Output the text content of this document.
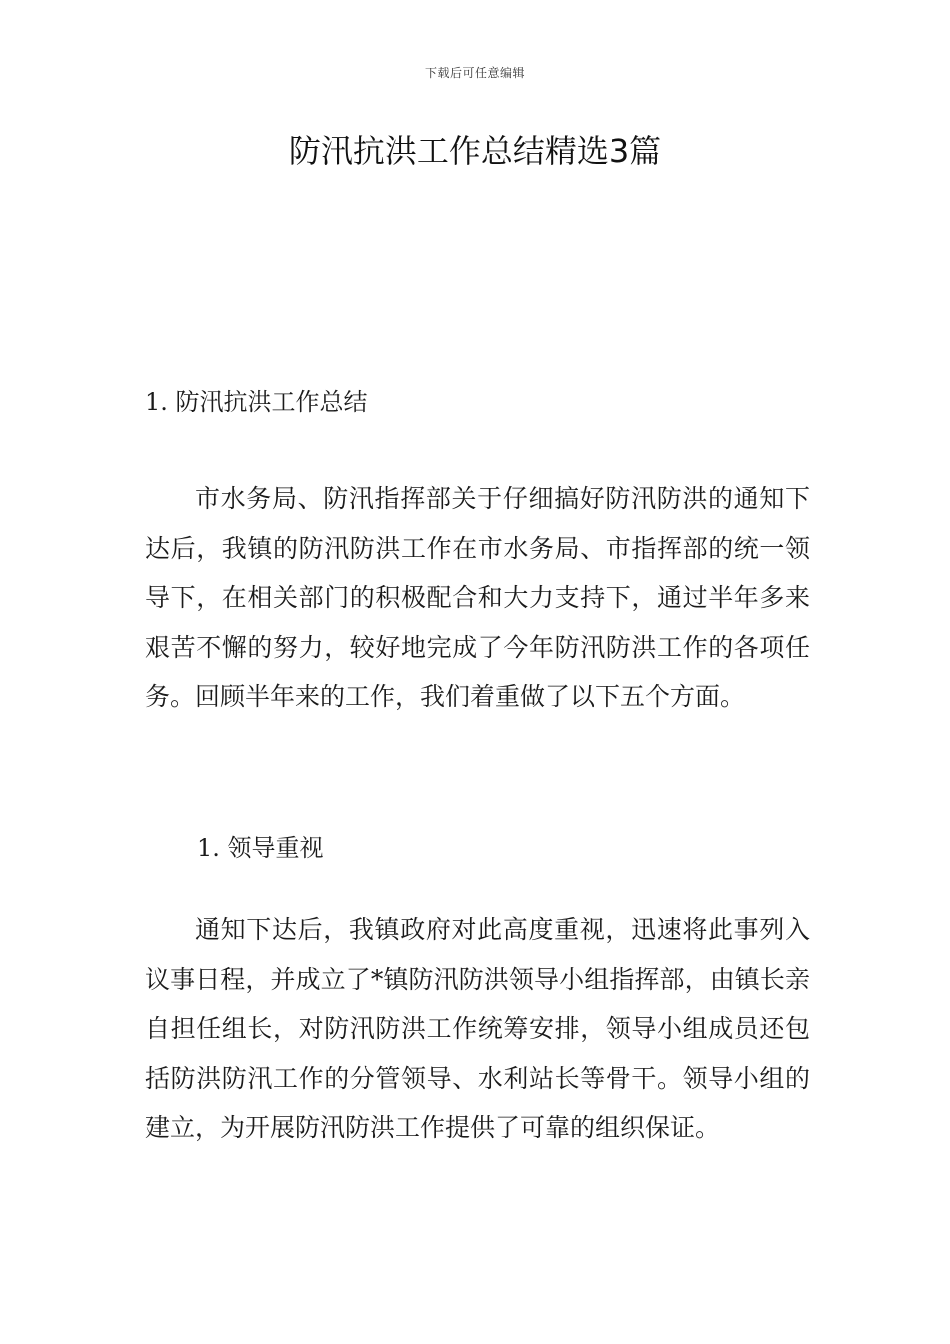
下载后可任意编辑
防汛抗洪工作总结精选3篇
1. 防汛抗洪工作总结

市水务局、防汛指挥部关于仔细搞好防汛防洪的通知下达后，我镇的防汛防洪工作在市水务局、市指挥部的统一领导下，在相关部门的积极配合和大力支持下，通过半年多来艰苦不懈的努力，较好地完成了今年防汛防洪工作的各项任务。回顾半年来的工作，我们着重做了以下五个方面。

1. 领导重视

通知下达后，我镇政府对此高度重视，迅速将此事列入议事日程，并成立了*镇防汛防洪领导小组指挥部，由镇长亲自担任组长，对防汛防洪工作统筹安排，领导小组成员还包括防洪防汛工作的分管领导、水利站长等骨干。领导小组的建立，为开展防汛防洪工作提供了可靠的组织保证。
